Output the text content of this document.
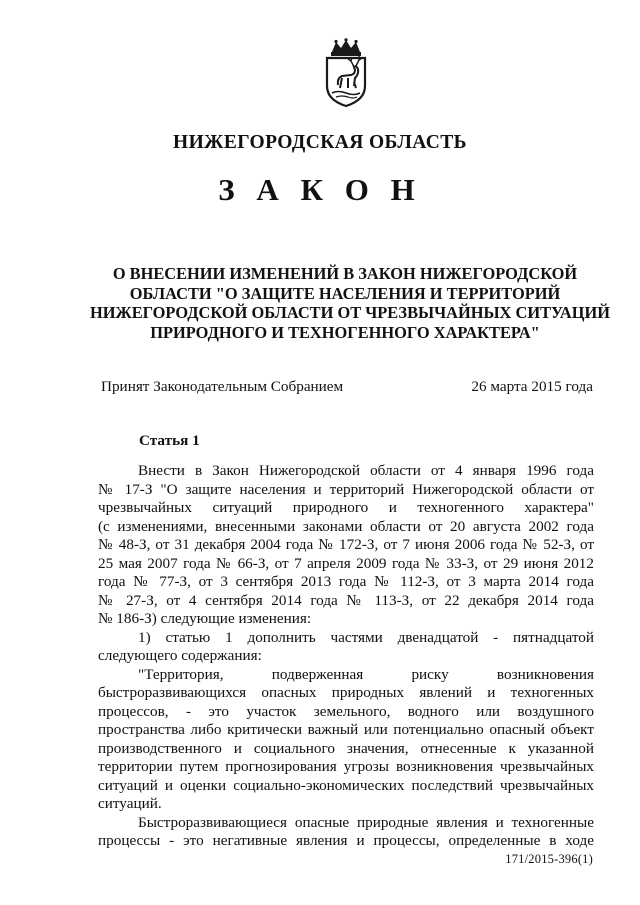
НИЖЕГОРОДСКАЯ ОБЛАСТЬ
З А К О Н
О ВНЕСЕНИИ ИЗМЕНЕНИЙ В ЗАКОН НИЖЕГОРОДСКОЙ
ОБЛАСТИ "О ЗАЩИТЕ НАСЕЛЕНИЯ И ТЕРРИТОРИЙ
НИЖЕГОРОДСКОЙ ОБЛАСТИ ОТ ЧРЕЗВЫЧАЙНЫХ СИТУАЦИЙ
ПРИРОДНОГО И ТЕХНОГЕННОГО ХАРАКТЕРА"
Принят Законодательным Собранием	26 марта 2015 года
Статья 1
Внести в Закон Нижегородской области от 4 января 1996 года
№ 17-З "О защите населения и территорий Нижегородской области от
чрезвычайных ситуаций природного и техногенного характера"
(с изменениями, внесенными законами области от 20 августа 2002 года
№ 48-З, от 31 декабря 2004 года № 172-З, от 7 июня 2006 года № 52-З, от
25 мая 2007 года № 66-З, от 7 апреля 2009 года № 33-З, от 29 июня 2012
года № 77-З, от 3 сентября 2013 года № 112-З, от 3 марта 2014 года
№ 27-З, от 4 сентября 2014 года № 113-З, от 22 декабря 2014 года
№ 186-З) следующие изменения:
1) статью 1 дополнить частями двенадцатой - пятнадцатой
следующего содержания:
"Территория, подверженная риску возникновения
быстроразвивающихся опасных природных явлений и техногенных
процессов, - это участок земельного, водного или воздушного
пространства либо критически важный или потенциально опасный объект
производственного и социального значения, отнесенные к указанной
территории путем прогнозирования угрозы возникновения чрезвычайных
ситуаций и оценки социально-экономических последствий чрезвычайных
ситуаций.
Быстроразвивающиеся опасные природные явления и техногенные
процессы - это негативные явления и процессы, определенные в ходе
171/2015-396(1)
